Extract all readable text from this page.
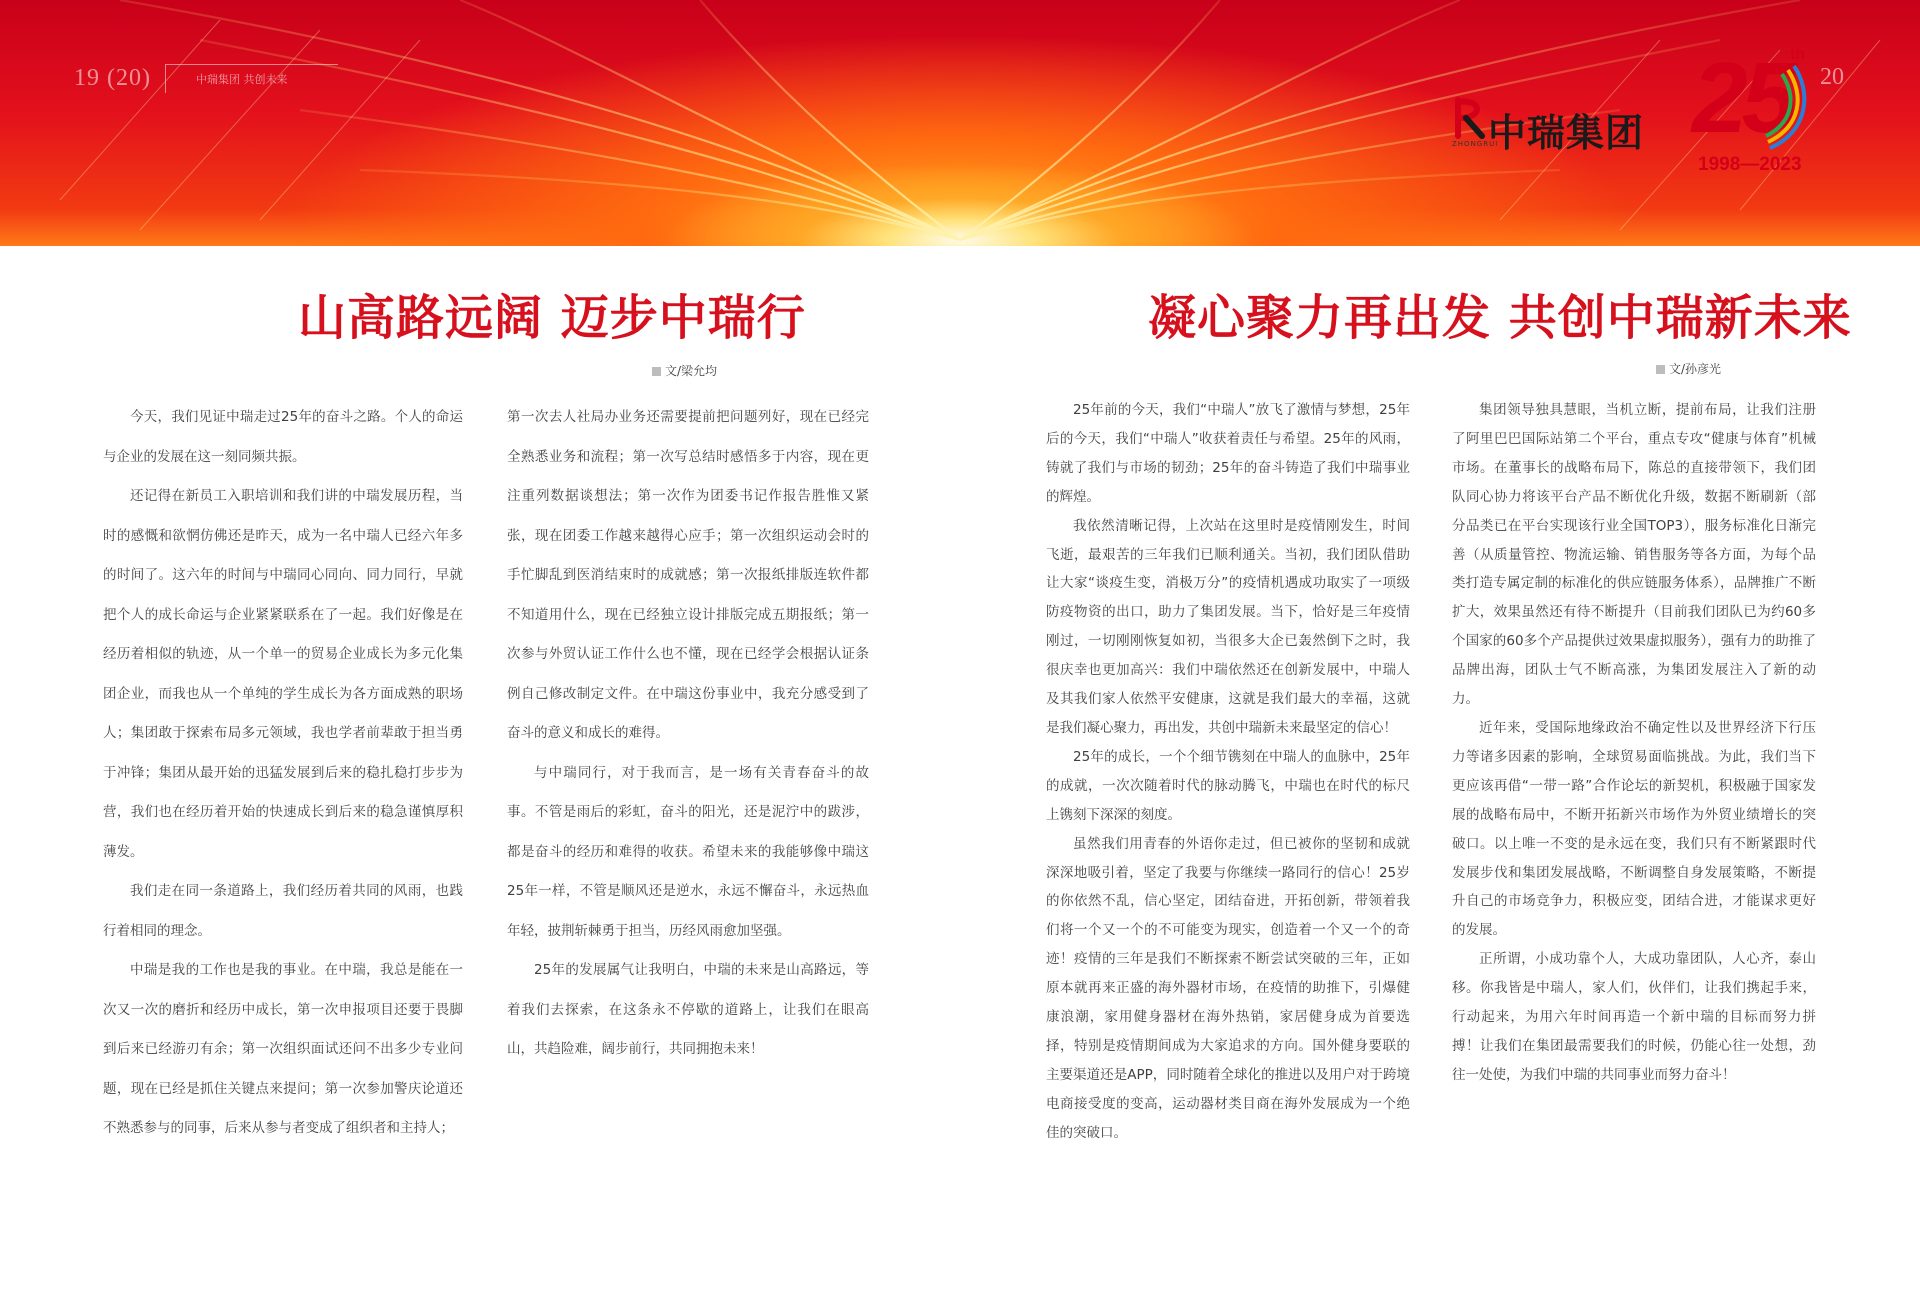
19 (20)	中瑞集团 共创未来	20
中瑞集团
ZHONGRUI 25
th
1998—2023
山高路远阔 迈步中瑞行
文/梁允均

今天，我们见证中瑞走过25年的奋斗之路。个人的命运与企业的发展在这一刻同频共振。

还记得在新员工入职培训和我们讲的中瑞发展历程，当时的感慨和欲惘仿佛还是昨天，成为一名中瑞人已经六年多的时间了。这六年的时间与中瑞同心同向、同力同行，早就把个人的成长命运与企业紧紧联系在了一起。我们好像是在经历着相似的轨迹，从一个单一的贸易企业成长为多元化集团企业，而我也从一个单纯的学生成长为各方面成熟的职场人；集团敢于探索布局多元领域，我也学者前辈敢于担当勇于冲锋；集团从最开始的迅猛发展到后来的稳扎稳打步步为营，我们也在经历着开始的快速成长到后来的稳急谨慎厚积薄发。

我们走在同一条道路上，我们经历着共同的风雨，也践行着相同的理念。

中瑞是我的工作也是我的事业。在中瑞，我总是能在一次又一次的磨折和经历中成长，第一次申报项目还要于畏脚到后来已经游刃有余；第一次组织面试还问不出多少专业问题，现在已经是抓住关键点来提问；第一次参加警庆论道还不熟悉参与的同事，后来从参与者变成了组织者和主持人；

第一次去人社局办业务还需要提前把问题列好，现在已经完全熟悉业务和流程；第一次写总结时感悟多于内容，现在更注重列数据谈想法；第一次作为团委书记作报告胜惟又紧张，现在团委工作越来越得心应手；第一次组织运动会时的手忙脚乱到医消结束时的成就感；第一次报纸排版连软件都不知道用什么，现在已经独立设计排版完成五期报纸；第一次参与外贸认证工作什么也不懂，现在已经学会根据认证条例自己修改制定文件。在中瑞这份事业中，我充分感受到了奋斗的意义和成长的难得。

与中瑞同行，对于我而言，是一场有关青春奋斗的故事。不管是雨后的彩虹，奋斗的阳光，还是泥泞中的跋涉，都是奋斗的经历和难得的收获。希望未来的我能够像中瑞这25年一样，不管是顺风还是逆水，永远不懈奋斗，永远热血年轻，披荆斩棘勇于担当，历经风雨愈加坚强。

25年的发展属气让我明白，中瑞的未来是山高路远，等着我们去探索，在这条永不停歇的道路上，让我们在眼高山，共趋险难，阔步前行，共同拥抱未来！

凝心聚力再出发 共创中瑞新未来
文/孙彦光

25年前的今天，我们“中瑞人”放飞了激情与梦想，25年后的今天，我们“中瑞人”收获着责任与希望。25年的风雨，铸就了我们与市场的韧劲；25年的奋斗铸造了我们中瑞事业的辉煌。

我依然清晰记得，上次站在这里时是疫情刚发生，时间飞逝，最艰苦的三年我们已顺利通关。当初，我们团队借助让大家“谈疫生变，消极万分”的疫情机遇成功取实了一项级防疫物资的出口，助力了集团发展。当下，恰好是三年疫情刚过，一切刚刚恢复如初，当很多大企已轰然倒下之时，我很庆幸也更加高兴：我们中瑞依然还在创新发展中，中瑞人及其我们家人依然平安健康，这就是我们最大的幸福，这就是我们凝心聚力，再出发，共创中瑞新未来最坚定的信心！

25年的成长，一个个细节镌刻在中瑞人的血脉中，25年的成就，一次次随着时代的脉动腾飞，中瑞也在时代的标尺上镌刻下深深的刻度。

虽然我们用青春的外语你走过，但已被你的坚韧和成就深深地吸引着，坚定了我要与你继续一路同行的信心！25岁的你依然不乱，信心坚定，团结奋进，开拓创新，带领着我们将一个又一个的不可能变为现实，创造着一个又一个的奇迹！疫情的三年是我们不断探索不断尝试突破的三年，正如原本就再来正盛的海外器材市场，在疫情的助推下，引爆健康浪潮，家用健身器材在海外热销，家居健身成为首要选择，特别是疫情期间成为大家追求的方向。国外健身要联的主要渠道还是APP，同时随着全球化的推进以及用户对于跨境电商接受度的变高，运动器材类目商在海外发展成为一个绝佳的突破口。

集团领导独具慧眼，当机立断，提前布局，让我们注册了阿里巴巴国际站第二个平台，重点专攻“健康与体育”机械市场。在董事长的战略布局下，陈总的直接带领下，我们团队同心协力将该平台产品不断优化升级，数据不断刷新（部分品类已在平台实现该行业全国TOP3），服务标准化日渐完善（从质量管控、物流运输、销售服务等各方面，为每个品类打造专属定制的标准化的供应链服务体系），品牌推广不断扩大，效果虽然还有待不断提升（目前我们团队已为约60多个国家的60多个产品提供过效果虚拟服务），强有力的助推了品牌出海，团队士气不断高涨，为集团发展注入了新的动力。

近年来，受国际地缘政治不确定性以及世界经济下行压力等诸多因素的影响，全球贸易面临挑战。为此，我们当下更应该再借“一带一路”合作论坛的新契机，积极融于国家发展的战略布局中，不断开拓新兴市场作为外贸业绩增长的突破口。以上唯一不变的是永远在变，我们只有不断紧跟时代发展步伐和集团发展战略，不断调整自身发展策略，不断提升自己的市场竞争力，积极应变，团结合进，才能谋求更好的发展。

正所谓，小成功靠个人，大成功靠团队，人心齐，泰山移。你我皆是中瑞人，家人们，伙伴们，让我们携起手来，行动起来，为用六年时间再造一个新中瑞的目标而努力拼搏！让我们在集团最需要我们的时候，仍能心往一处想，劲往一处使，为我们中瑞的共同事业而努力奋斗！
